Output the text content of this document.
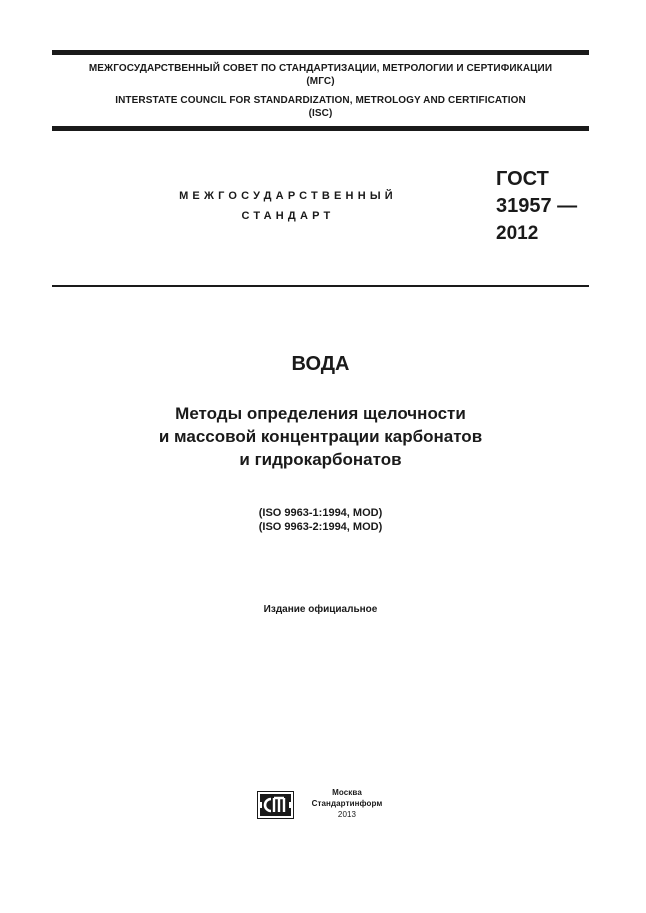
МЕЖГОСУДАРСТВЕННЫЙ СОВЕТ ПО СТАНДАРТИЗАЦИИ, МЕТРОЛОГИИ И СЕРТИФИКАЦИИ
(МГС)
INTERSTATE COUNCIL FOR STANDARDIZATION, METROLOGY AND CERTIFICATION
(ISC)
МЕЖГОСУДАРСТВЕННЫЙ
СТАНДАРТ
ГОСТ
31957 —
2012
ВОДА
Методы определения щелочности
и массовой концентрации карбонатов
и гидрокарбонатов
(ISO 9963-1:1994, MOD)
(ISO 9963-2:1994, MOD)
Издание официальное
Москва
Стандартинформ
2013
